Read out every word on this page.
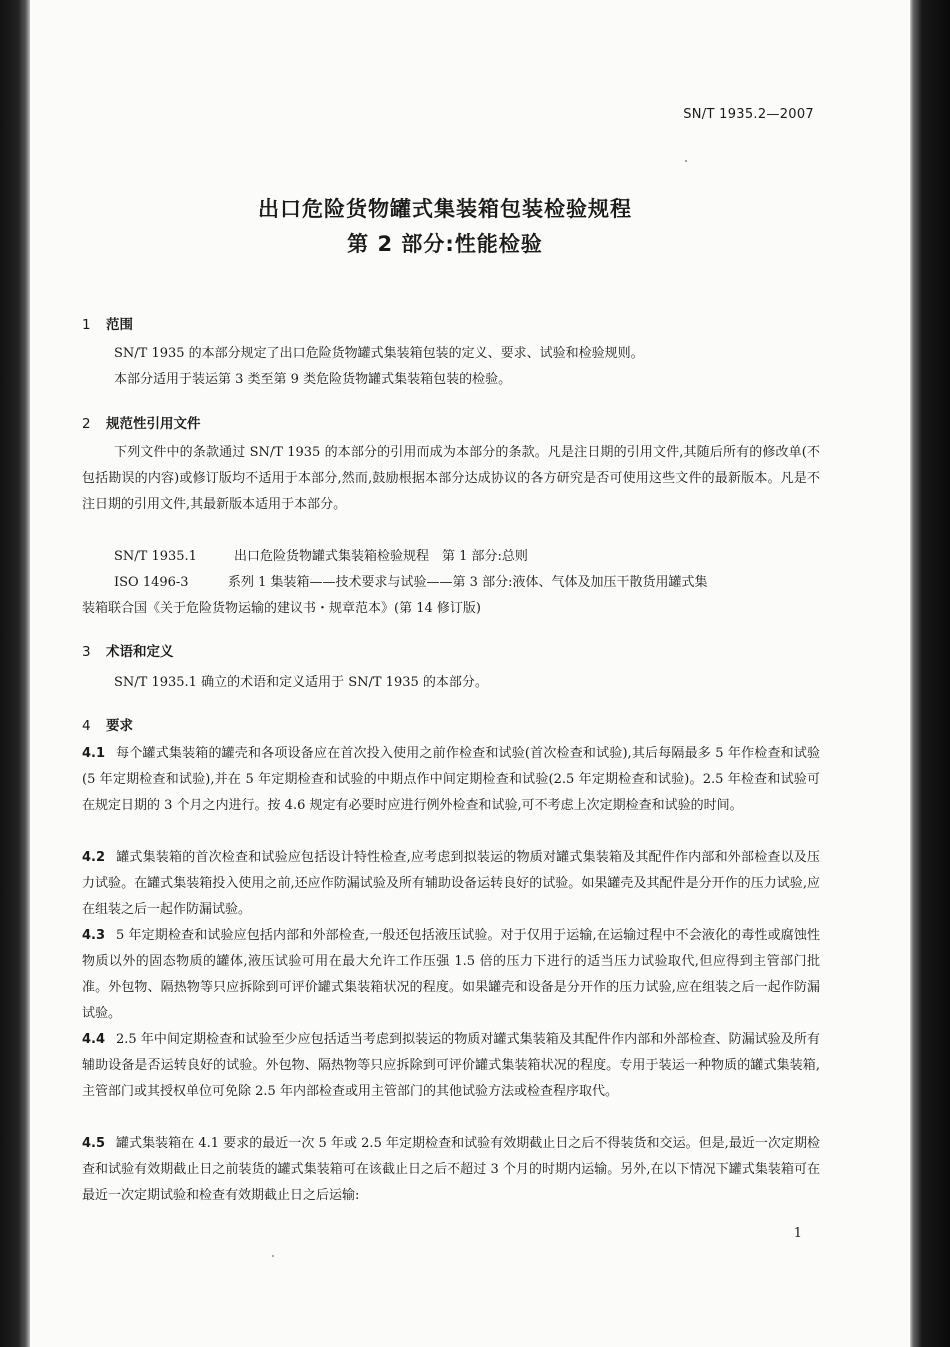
SN/T 1935.2—2007
出口危险货物罐式集装箱包装检验规程
第 2 部分:性能检验
1 范围

SN/T 1935 的本部分规定了出口危险货物罐式集装箱包装的定义、要求、试验和检验规则。

本部分适用于装运第 3 类至第 9 类危险货物罐式集装箱包装的检验。

2 规范性引用文件

下列文件中的条款通过 SN/T 1935 的本部分的引用而成为本部分的条款。凡是注日期的引用文件,其随后所有的修改单(不包括勘误的内容)或修订版均不适用于本部分,然而,鼓励根据本部分达成协议的各方研究是否可使用这些文件的最新版本。凡是不注日期的引用文件,其最新版本适用于本部分。

SN/T 1935.1	出口危险货物罐式集装箱检验规程　第 1 部分:总则
ISO 1496-3	系列 1 集装箱——技术要求与试验——第 3 部分:液体、气体及加压干散货用罐式集

装箱联合国《关于危险货物运输的建议书・规章范本》(第 14 修订版)

3 术语和定义

SN/T 1935.1 确立的术语和定义适用于 SN/T 1935 的本部分。

4 要求

4.1 每个罐式集装箱的罐壳和各项设备应在首次投入使用之前作检查和试验(首次检查和试验),其后每隔最多 5 年作检查和试验(5 年定期检查和试验),并在 5 年定期检查和试验的中期点作中间定期检查和试验(2.5 年定期检查和试验)。2.5 年检查和试验可在规定日期的 3 个月之内进行。按 4.6 规定有必要时应进行例外检查和试验,可不考虑上次定期检查和试验的时间。

4.2 罐式集装箱的首次检查和试验应包括设计特性检查,应考虑到拟装运的物质对罐式集装箱及其配件作内部和外部检查以及压力试验。在罐式集装箱投入使用之前,还应作防漏试验及所有辅助设备运转良好的试验。如果罐壳及其配件是分开作的压力试验,应在组装之后一起作防漏试验。

4.3 5 年定期检查和试验应包括内部和外部检查,一般还包括液压试验。对于仅用于运输,在运输过程中不会液化的毒性或腐蚀性物质以外的固态物质的罐体,液压试验可用在最大允许工作压强 1.5 倍的压力下进行的适当压力试验取代,但应得到主管部门批准。外包物、隔热物等只应拆除到可评价罐式集装箱状况的程度。如果罐壳和设备是分开作的压力试验,应在组装之后一起作防漏试验。

4.4 2.5 年中间定期检查和试验至少应包括适当考虑到拟装运的物质对罐式集装箱及其配件作内部和外部检查、防漏试验及所有辅助设备是否运转良好的试验。外包物、隔热物等只应拆除到可评价罐式集装箱状况的程度。专用于装运一种物质的罐式集装箱,主管部门或其授权单位可免除 2.5 年内部检查或用主管部门的其他试验方法或检查程序取代。

4.5 罐式集装箱在 4.1 要求的最近一次 5 年或 2.5 年定期检查和试验有效期截止日之后不得装货和交运。但是,最近一次定期检查和试验有效期截止日之前装货的罐式集装箱可在该截止日之后不超过 3 个月的时期内运输。另外,在以下情况下罐式集装箱可在最近一次定期试验和检查有效期截止日之后运输:

1
